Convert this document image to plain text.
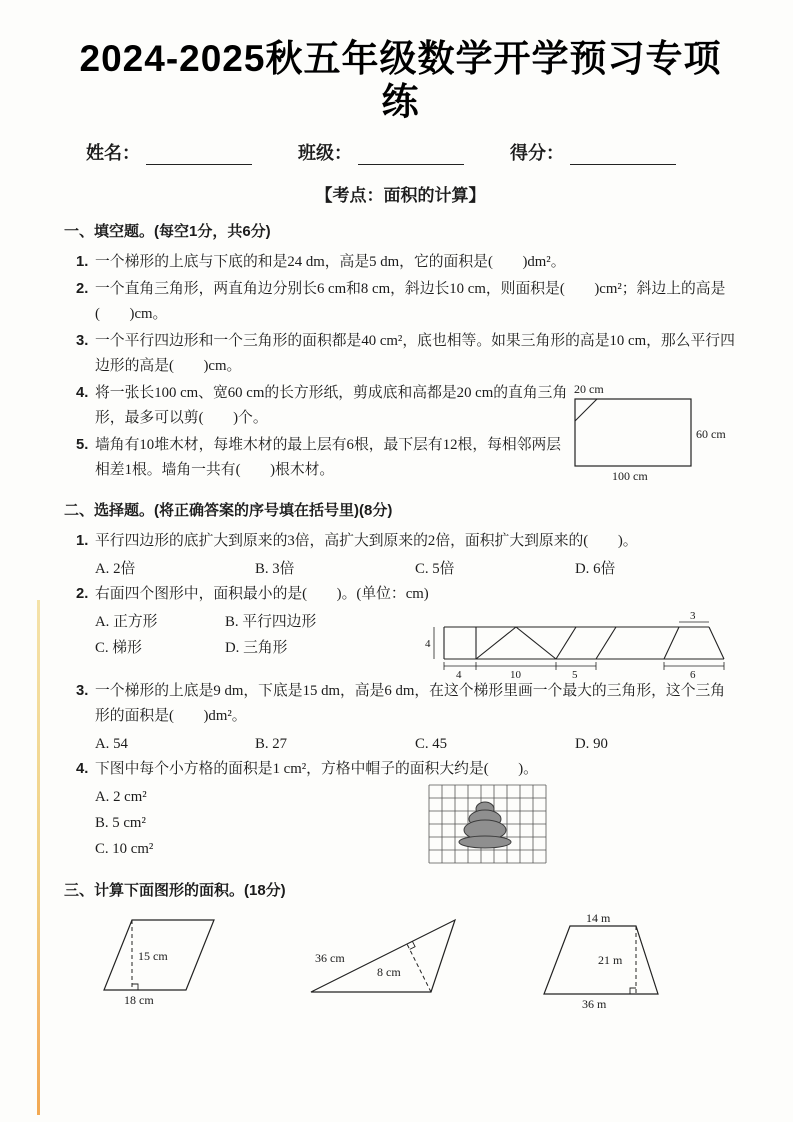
2024-2025秋五年级数学开学预习专项练
姓名：	班级：	得分：
【考点：面积的计算】
一、填空题。(每空1分，共6分)
1. 一个梯形的上底与下底的和是24 dm，高是5 dm，它的面积是(　　)dm²。
2. 一个直角三角形，两直角边分别长6 cm和8 cm，斜边长10 cm，则面积是(　　)cm²；斜边上的高是(　　)cm。
3. 一个平行四边形和一个三角形的面积都是40 cm²，底也相等。如果三角形的高是10 cm，那么平行四边形的高是(　　)cm。
4. 将一张长100 cm、宽60 cm的长方形纸，剪成底和高都是20 cm的直角三角形，最多可以剪(　　)个。
5. 墙角有10堆木材，每堆木材的最上层有6根，最下层有12根，每相邻两层相差1根。墙角一共有(　　)根木材。
20 cm
60 cm
100 cm
二、选择题。(将正确答案的序号填在括号里)(8分)
1. 平行四边形的底扩大到原来的3倍，高扩大到原来的2倍，面积扩大到原来的(　　)。
A. 2倍	B. 3倍	C. 5倍	D. 6倍
2. 右面四个图形中，面积最小的是(　　)。(单位：cm)
A. 正方形	B. 平行四边形
C. 梯形	D. 三角形	4
3
4	10	5	6
3. 一个梯形的上底是9 dm，下底是15 dm，高是6 dm，在这个梯形里画一个最大的三角形，这个三角形的面积是(　　)dm²。
A. 54	B. 27	C. 45	D. 90
4. 下图中每个小方格的面积是1 cm²，方格中帽子的面积大约是(　　)。
A. 2 cm²
B. 5 cm²
C. 10 cm²
三、计算下面图形的面积。(18分)
15 cm
18 cm
36 cm
8 cm
14 m
21 m
36 m
